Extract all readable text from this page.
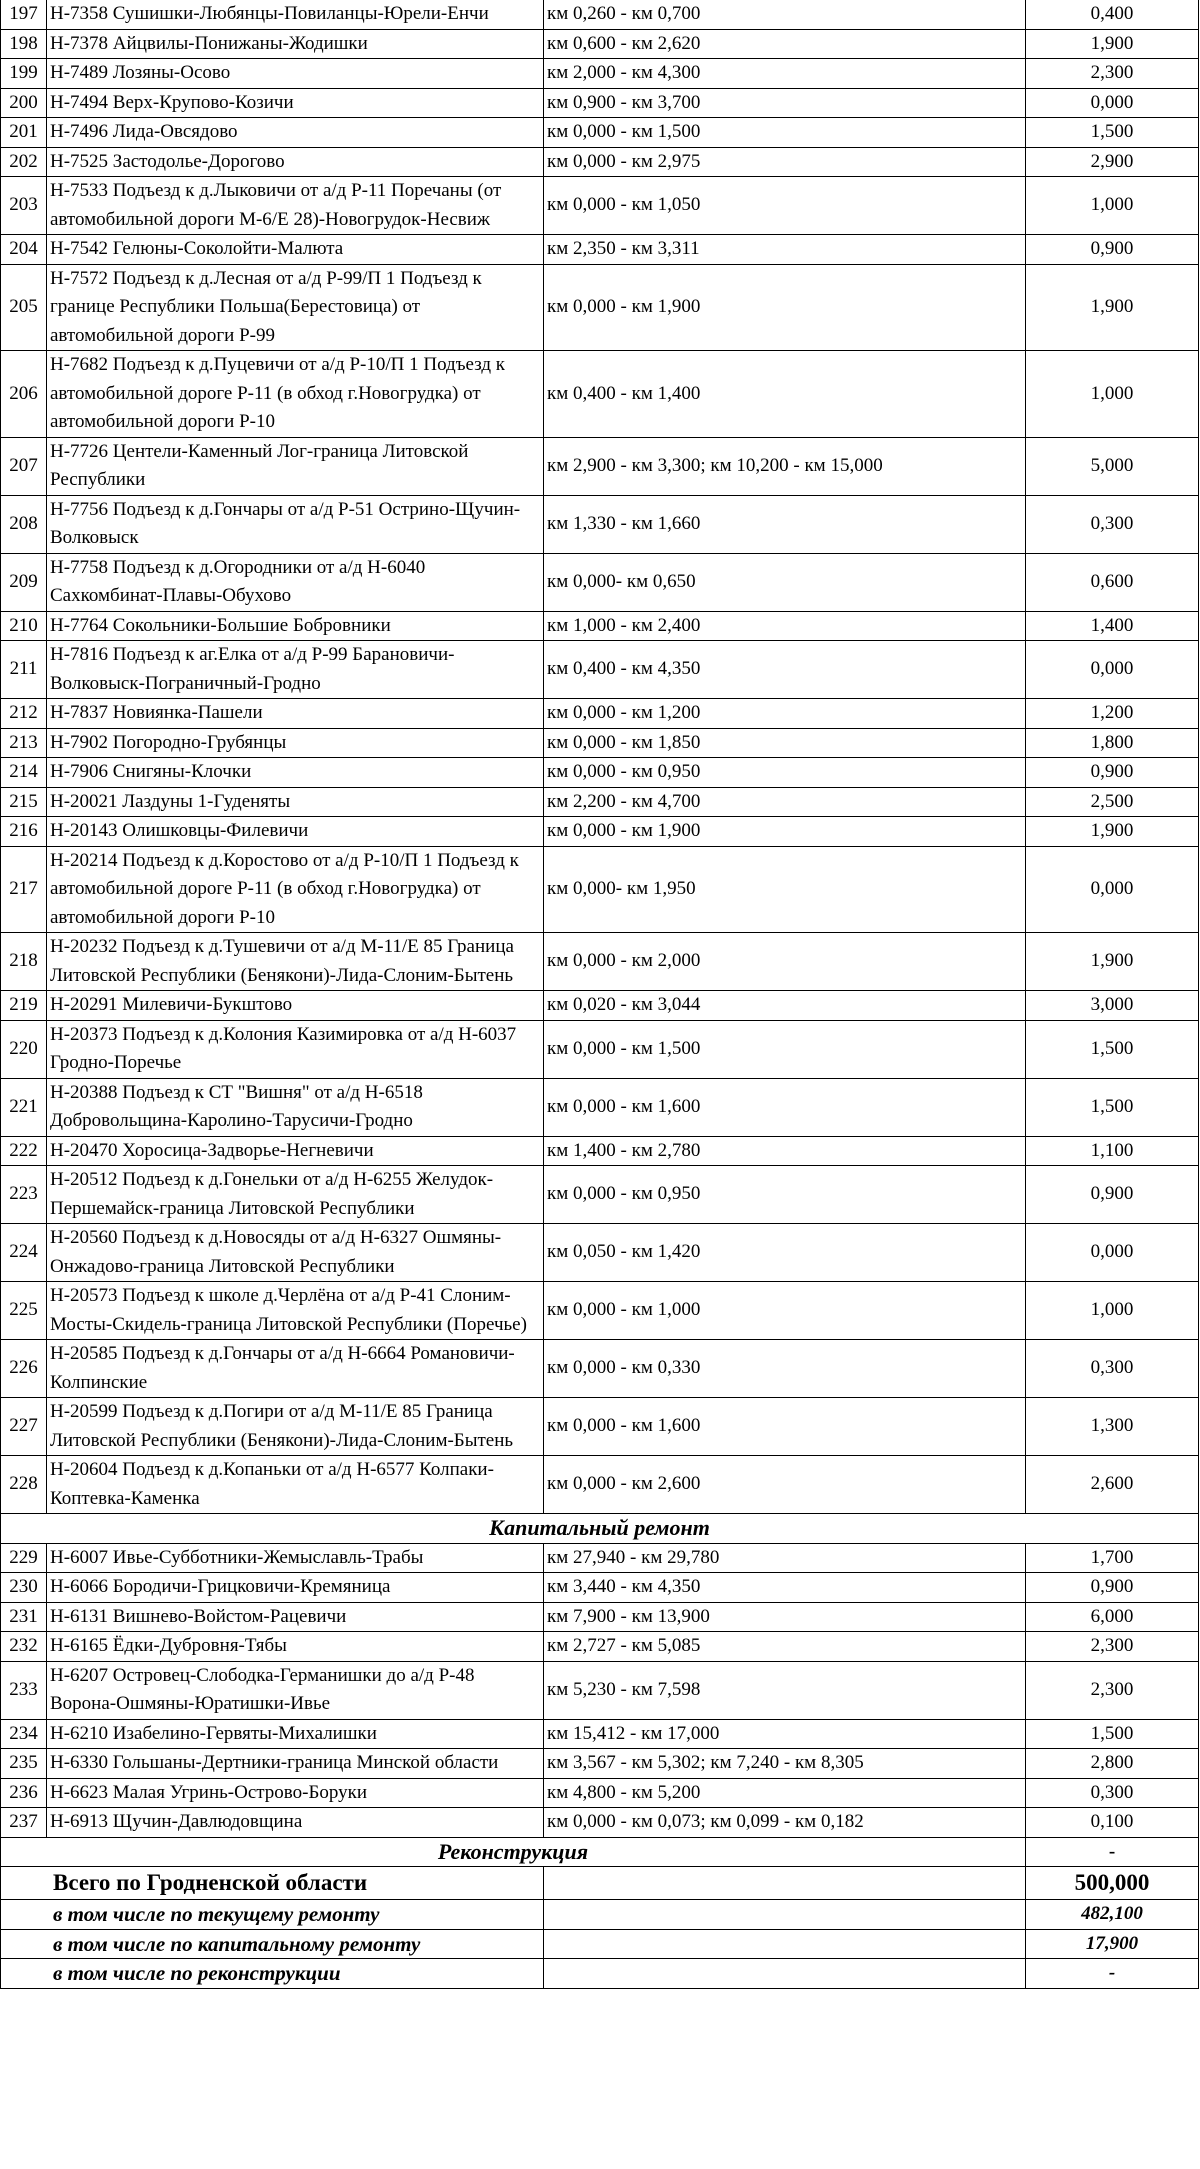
197	Н-7358 Сушишки-Любянцы-Повиланцы-Юрели-Енчи	км 0,260 - км 0,700	0,400
198	Н-7378 Айцвилы-Понижаны-Жодишки	км 0,600 - км 2,620	1,900
199	Н-7489 Лозяны-Осово	км 2,000 - км 4,300	2,300
200	Н-7494 Верх-Крупово-Козичи	км 0,900 - км 3,700	0,000
201	Н-7496 Лида-Овсядово	км 0,000 - км 1,500	1,500
202	Н-7525 Застодолье-Дорогово	км 0,000 - км 2,975	2,900
203	Н-7533 Подъезд к д.Лыковичи от а/д Р-11 Поречаны (от автомобильной дороги М-6/Е 28)-Новогрудок-Несвиж	км 0,000 - км 1,050	1,000
204	Н-7542 Гелюны-Соколойти-Малюта	км 2,350 - км 3,311	0,900
205	Н-7572 Подъезд к д.Лесная от а/д Р-99/П 1 Подъезд к границе Республики Польша(Берестовица) от автомобильной дороги Р-99	км 0,000 - км 1,900	1,900
206	Н-7682 Подъезд к д.Пуцевичи от а/д Р-10/П 1 Подъезд к автомобильной дороге Р-11 (в обход г.Новогрудка) от автомобильной дороги Р-10	км 0,400 - км 1,400	1,000
207	Н-7726 Центели-Каменный Лог-граница Литовской Республики	км 2,900 - км 3,300; км 10,200 - км 15,000	5,000
208	Н-7756 Подъезд к д.Гончары от а/д Р-51 Остринo-Щучин-Волковыск	км 1,330 - км 1,660	0,300
209	Н-7758 Подъезд к д.Огородники от а/д Н-6040 Сахкомбинат-Плавы-Обухово	км 0,000- км 0,650	0,600
210	Н-7764 Сокольники-Большие Бобровники	км 1,000 - км 2,400	1,400
211	Н-7816 Подъезд к аг.Елка от а/д Р-99 Барановичи-Волковыск-Пограничный-Гродно	км 0,400 - км 4,350	0,000
212	Н-7837 Новиянка-Пашели	км 0,000 - км 1,200	1,200
213	Н-7902 Погородно-Грубянцы	км 0,000 - км 1,850	1,800
214	Н-7906 Снигяны-Клочки	км 0,000 - км 0,950	0,900
215	Н-20021 Лаздуны 1-Гуденяты	км 2,200 - км 4,700	2,500
216	Н-20143 Олишковцы-Филевичи	км 0,000 - км 1,900	1,900
217	Н-20214 Подъезд к д.Коростово от а/д Р-10/П 1 Подъезд к автомобильной дороге Р-11 (в обход г.Новогрудка) от автомобильной дороги Р-10	км 0,000- км 1,950	0,000
218	Н-20232 Подъезд к д.Тушевичи от а/д М-11/Е 85 Граница Литовской Республики (Бенякони)-Лида-Слоним-Бытень	км 0,000 - км 2,000	1,900
219	Н-20291 Милевичи-Букштово	км 0,020 - км 3,044	3,000
220	Н-20373 Подъезд к д.Колония Казимировка от а/д Н-6037 Гродно-Поречье	км 0,000 - км 1,500	1,500
221	Н-20388 Подъезд к СТ "Вишня" от а/д Н-6518 Добровольщина-Каролино-Тарусичи-Гродно	км 0,000 - км 1,600	1,500
222	Н-20470 Хоросица-Задворье-Негневичи	км 1,400 - км 2,780	1,100
223	Н-20512 Подъезд к д.Гонельки от а/д Н-6255 Желудок-Першемайск-граница Литовской Республики	км 0,000 - км 0,950	0,900
224	Н-20560 Подъезд к д.Новосяды от а/д Н-6327 Ошмяны-Онжадово-граница Литовской Республики	км 0,050 - км 1,420	0,000
225	Н-20573 Подъезд к школе д.Черлёна от а/д Р-41 Слоним-Мосты-Скидель-граница Литовской Республики (Поречье)	км 0,000 - км 1,000	1,000
226	Н-20585 Подъезд к д.Гончары от а/д Н-6664 Романовичи-Колпинские	км 0,000 - км 0,330	0,300
227	Н-20599 Подъезд к д.Погири от а/д М-11/Е 85 Граница Литовской Республики (Бенякони)-Лида-Слоним-Бытень	км 0,000 - км 1,600	1,300
228	Н-20604 Подъезд к д.Копаньки от а/д Н-6577 Колпаки-Коптевка-Каменка	км 0,000 - км 2,600	2,600
Капитальный ремонт			
229	Н-6007 Ивье-Субботники-Жемыславль-Трабы	км 27,940 - км 29,780	1,700
230	Н-6066 Бородичи-Грицковичи-Кремяница	км 3,440 - км 4,350	0,900
231	Н-6131 Вишнево-Войстом-Рацевичи	км 7,900 - км 13,900	6,000
232	Н-6165 Ёдки-Дубровня-Тябы	км 2,727 - км 5,085	2,300
233	Н-6207 Островец-Слободка-Германишки до а/д Р-48 Ворона-Ошмяны-Юратишки-Ивье	км 5,230 - км 7,598	2,300
234	Н-6210 Изабелино-Гервяты-Михалишки	км 15,412 - км 17,000	1,500
235	Н-6330 Гольшаны-Дертники-граница Минской области	км 3,567 - км 5,302; км 7,240 - км 8,305	2,800
236	Н-6623 Малая Угринь-Острово-Боруки	км 4,800 - км 5,200	0,300
237	Н-6913 Щучин-Давлюдовщина	км 0,000 - км 0,073; км 0,099 - км 0,182	0,100
Реконструкция			-
Всего по Гродненской области			500,000
в том числе по текущему ремонту			482,100
в том числе по капитальному ремонту			17,900
в том числе по реконструкции			-
